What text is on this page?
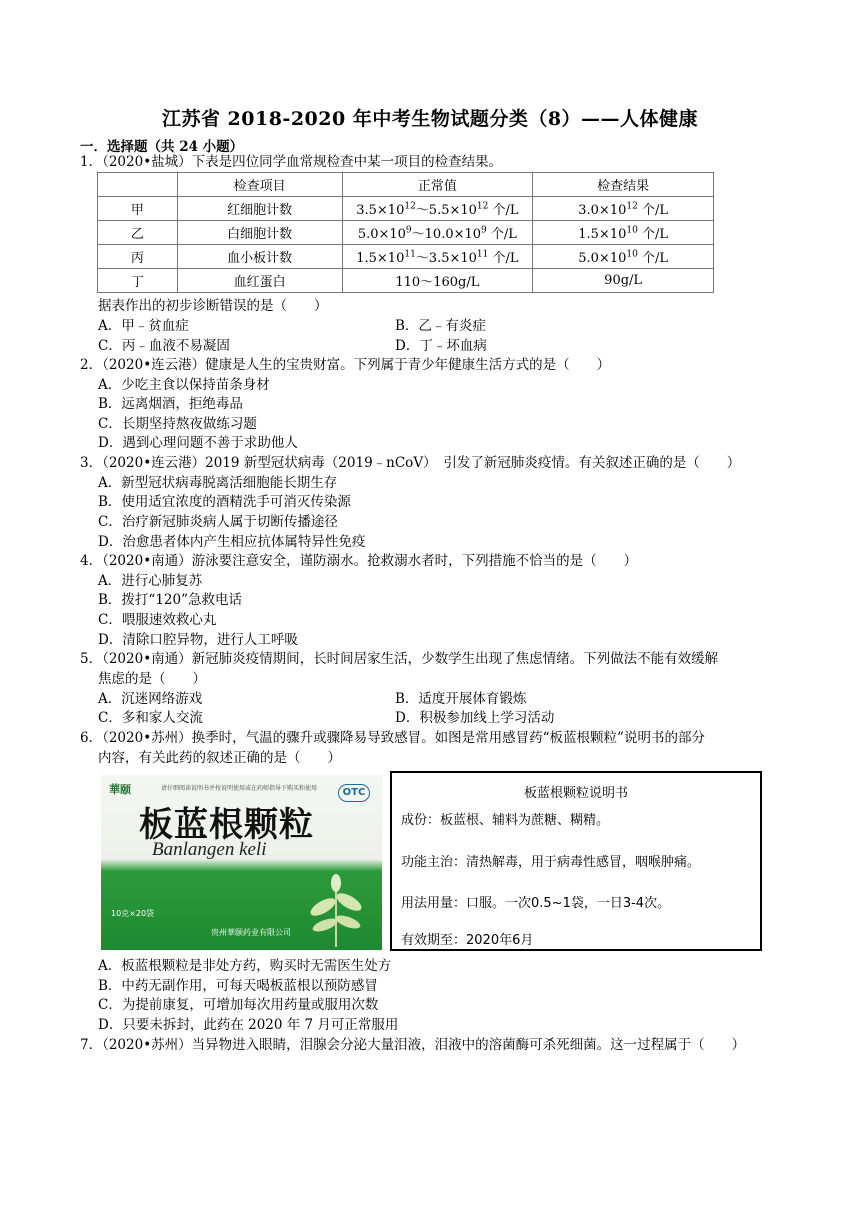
江苏省 2018-2020 年中考生物试题分类（8）——人体健康
一．选择题（共 24 小题）
1．（2020•盐城）下表是四位同学血常规检查中某一项目的检查结果。
	检查项目	正常值	检查结果
甲	红细胞计数	$3.5\times 10^{12}\sim 5.5\times 10^{12}$ 个/L	$3.0\times 10^{12}$ 个/L
乙	白细胞计数	$5.0\times 10^9\sim 10.0\times 10^9$ 个/L	$1.5\times 10^{10}$ 个/L
丙	血小板计数	$1.5\times 10^{11}\sim 3.5\times 10^{11}$ 个/L	$5.0\times 10^{10}$ 个/L
丁	血红蛋白	110～160g/L	90g/L
据表作出的初步诊断错误的是（　　）
A．甲﹣贫血症	B．乙﹣有炎症
C．丙﹣血液不易凝固	D．丁﹣坏血病
2．（2020•连云港）健康是人生的宝贵财富。下列属于青少年健康生活方式的是（　　）
A．少吃主食以保持苗条身材
B．远离烟酒，拒绝毒品
C．长期坚持熬夜做练习题
D．遇到心理问题不善于求助他人
3．（2020•连云港）2019 新型冠状病毒（2019﹣nCoV）　引发了新冠肺炎疫情。有关叙述正确的是（　　）
A．新型冠状病毒脱离活细胞能长期生存
B．使用适宜浓度的酒精洗手可消灭传染源
C．治疗新冠肺炎病人属于切断传播途径
D．治愈患者体内产生相应抗体属特异性免疫
4．（2020•南通）游泳要注意安全，谨防溺水。抢救溺水者时，下列措施不恰当的是（　　）
A．进行心肺复苏
B．拨打“120”急救电话
C．喂服速效救心丸
D．清除口腔异物，进行人工呼吸
5．（2020•南通）新冠肺炎疫情期间，长时间居家生活，少数学生出现了焦虑情绪。下列做法不能有效缓解
焦虑的是（　　）
A．沉迷网络游戏	B．适度开展体育锻炼
C．多和家人交流	D．积极参加线上学习活动
6．（2020•苏州）换季时，气温的骤升或骤降易导致感冒。如图是常用感冒药“板蓝根颗粒”说明书的部分
内容，有关此药的叙述正确的是（　　）
華颐	请仔细阅读说明书并按说明使用或在药师指导下购买和使用	OTC
板蓝根颗粒
Banlangen keli
10克×20袋
贵州華颐药业有限公司
板蓝根颗粒说明书
成份：板蓝根、辅料为蔗糖、糊精。
功能主治：清热解毒，用于病毒性感冒，咽喉肿痛。
用法用量：口服。一次0.5~1袋，一日3-4次。
有效期至：2020年6月
A．板蓝根颗粒是非处方药，购买时无需医生处方
B．中药无副作用，可每天喝板蓝根以预防感冒
C．为提前康复，可增加每次用药量或服用次数
D．只要未拆封，此药在 2020 年 7 月可正常服用
7．（2020•苏州）当异物进入眼睛，泪腺会分泌大量泪液，泪液中的溶菌酶可杀死细菌。这一过程属于（　　）
